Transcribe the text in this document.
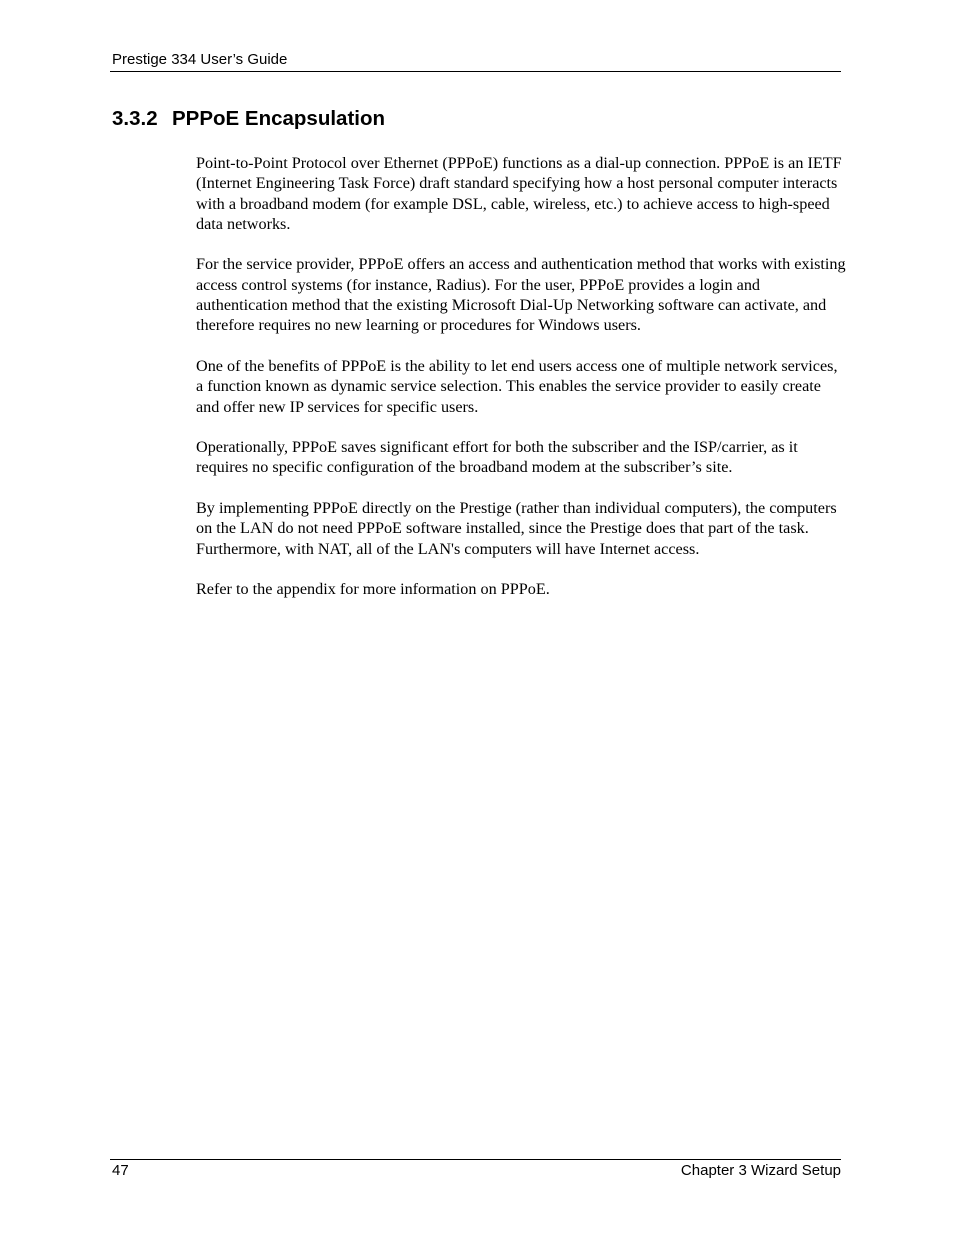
Prestige 334 User’s Guide
3.3.2 PPPoE Encapsulation

Point-to-Point Protocol over Ethernet (PPPoE) functions as a dial-up connection. PPPoE is an IETF (Internet Engineering Task Force) draft standard specifying how a host personal computer interacts with a broadband modem (for example DSL, cable, wireless, etc.) to achieve access to high-speed data networks.

For the service provider, PPPoE offers an access and authentication method that works with existing access control systems (for instance, Radius). For the user, PPPoE provides a login and authentication method that the existing Microsoft Dial-Up Networking software can activate, and therefore requires no new learning or procedures for Windows users.

One of the benefits of PPPoE is the ability to let end users access one of multiple network services, a function known as dynamic service selection. This enables the service provider to easily create and offer new IP services for specific users.

Operationally, PPPoE saves significant effort for both the subscriber and the ISP/carrier, as it requires no specific configuration of the broadband modem at the subscriber’s site.

By implementing PPPoE directly on the Prestige (rather than individual computers), the computers on the LAN do not need PPPoE software installed, since the Prestige does that part of the task. Furthermore, with NAT, all of the LAN's computers will have Internet access.

Refer to the appendix for more information on PPPoE.

47	Chapter 3 Wizard Setup
